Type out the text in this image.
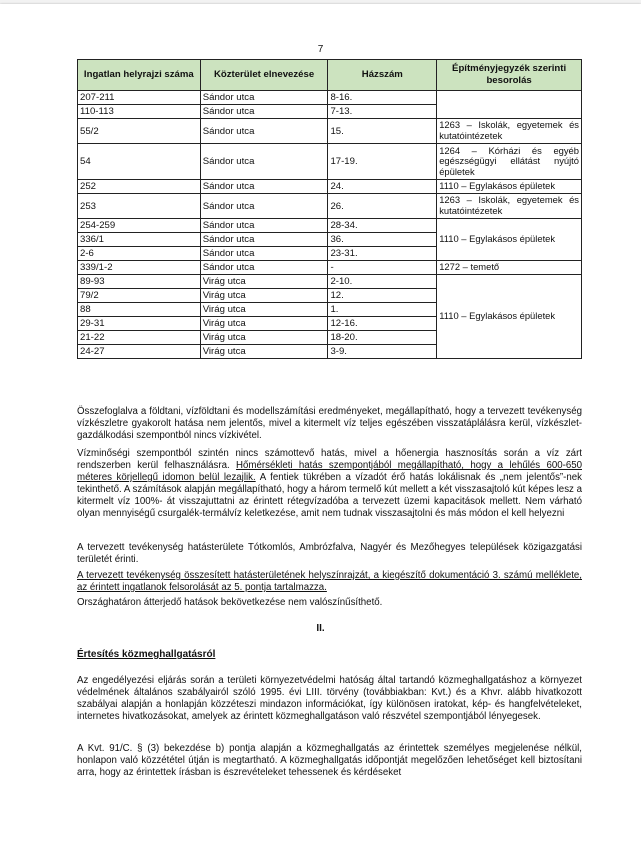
7
Ingatlan helyrajzi száma	Közterület elnevezése	Házszám	Építményjegyzék szerinti besorolás
207-211	Sándor utca	8-16.	
110-113	Sándor utca	7-13.	
55/2	Sándor utca	15.	1263 – Iskolák, egyetemek és kutatóintézetek
54	Sándor utca	17-19.	1264 – Kórházi és egyéb egészségügyi ellátást nyújtó épületek
252	Sándor utca	24.	1110 – Egylakásos épületek
253	Sándor utca	26.	1263 – Iskolák, egyetemek és kutatóintézetek
254-259	Sándor utca	28-34.	1110 – Egylakásos épületek
336/1	Sándor utca	36.	
2-6	Sándor utca	23-31.	
339/1-2	Sándor utca	-	1272 – temető
89-93	Virág utca	2-10.	1110 – Egylakásos épületek
79/2	Virág utca	12.	
88	Virág utca	1.	
29-31	Virág utca	12-16.	
21-22	Virág utca	18-20.	
24-27	Virág utca	3-9.	

Összefoglalva a földtani, vízföldtani és modellszámítási eredményeket, megállapítható, hogy a tervezett tevékenység vízkészletre gyakorolt hatása nem jelentős, mivel a kitermelt víz teljes egészében visszatáplálásra kerül, vízkészlet-gazdálkodási szempontból nincs vízkivétel.

Vízminőségi szempontból szintén nincs számottevő hatás, mivel a hőenergia hasznosítás során a víz zárt rendszerben kerül felhasználásra. Hőmérsékleti hatás szempontjából megállapítható, hogy a lehűlés 600-650 méteres körjellegű idomon belül lezajlik. A fentiek tükrében a vízadót érő hatás lokálisnak és „nem jelentős”-nek tekinthető. A számítások alapján megállapítható, hogy a három termelő kút mellett a két visszasajtoló kút képes lesz a kitermelt víz 100%- át visszajuttatni az érintett rétegvízadóba a tervezett üzemi kapacitások mellett. Nem várható olyan mennyiségű csurgalék-termálvíz keletkezése, amit nem tudnak visszasajtolni és más módon el kell helyezni

A tervezett tevékenység hatásterülete Tótkomlós, Ambrózfalva, Nagyér és Mezőhegyes települések közigazgatási területét érinti.

A tervezett tevékenység összesített hatásterületének helyszínrajzát, a kiegészítő dokumentáció 3. számú melléklete, az érintett ingatlanok felsorolását az 5. pontja tartalmazza.

Országhatáron átterjedő hatások bekövetkezése nem valószínűsíthető.

II.
Értesítés közmeghallgatásról

Az engedélyezési eljárás során a területi környezetvédelmi hatóság által tartandó közmeghallgatáshoz a környezet védelmének általános szabályairól szóló 1995. évi LIII. törvény (továbbiakban: Kvt.) és a Khvr. alább hivatkozott szabályai alapján a honlapján közzéteszi mindazon információkat, így különösen iratokat, kép- és hangfelvételeket, internetes hivatkozásokat, amelyek az érintett közmeghallgatáson való részvétel szempontjából lényegesek.

A Kvt. 91/C. § (3) bekezdése b) pontja alapján a közmeghallgatás az érintettek személyes megjelenése nélkül, honlapon való közzététel útján is megtartható. A közmeghallgatás időpontját megelőzően lehetőséget kell biztosítani arra, hogy az érintettek írásban is észrevételeket tehessenek és kérdéseket
